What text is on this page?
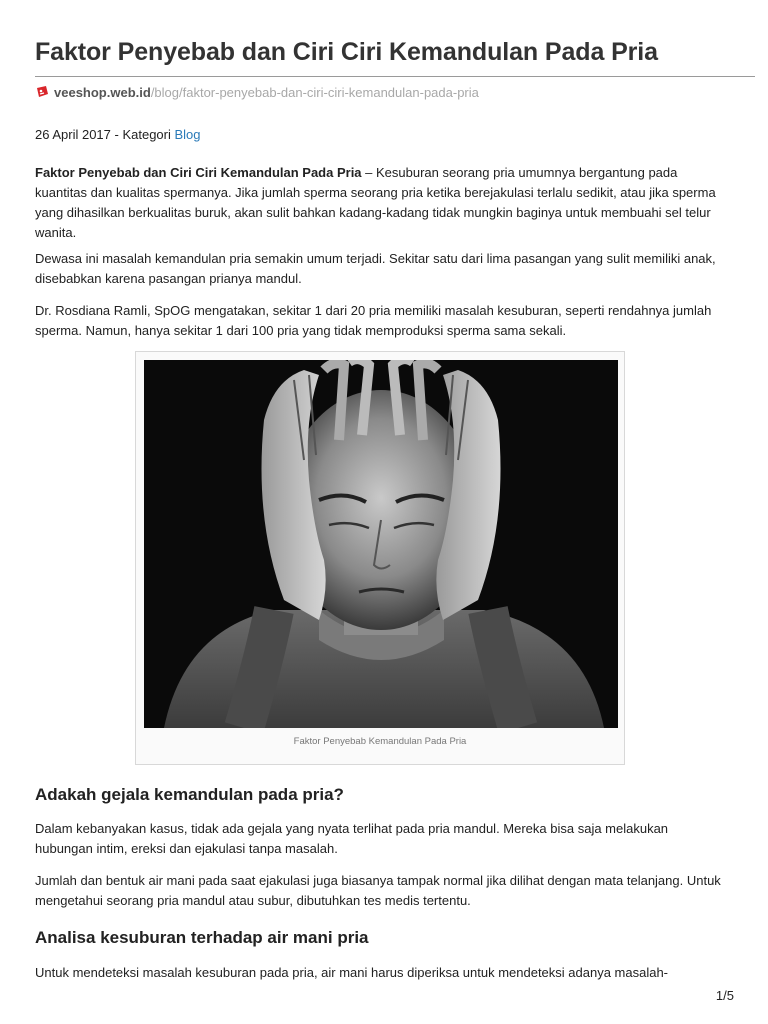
Faktor Penyebab dan Ciri Ciri Kemandulan Pada Pria
veeshop.web.id/blog/faktor-penyebab-dan-ciri-ciri-kemandulan-pada-pria
26 April 2017 - Kategori Blog

Faktor Penyebab dan Ciri Ciri Kemandulan Pada Pria – Kesuburan seorang pria umumnya bergantung pada kuantitas dan kualitas spermanya. Jika jumlah sperma seorang pria ketika berejakulasi terlalu sedikit, atau jika sperma yang dihasilkan berkualitas buruk, akan sulit bahkan kadang-kadang tidak mungkin baginya untuk membuahi sel telur wanita.

Dewasa ini masalah kemandulan pria semakin umum terjadi. Sekitar satu dari lima pasangan yang sulit memiliki anak, disebabkan karena pasangan prianya mandul.

Dr. Rosdiana Ramli, SpOG mengatakan, sekitar 1 dari 20 pria memiliki masalah kesuburan, seperti rendahnya jumlah sperma. Namun, hanya sekitar 1 dari 100 pria yang tidak memproduksi sperma sama sekali.

Faktor Penyebab Kemandulan Pada Pria
Adakah gejala kemandulan pada pria?

Dalam kebanyakan kasus, tidak ada gejala yang nyata terlihat pada pria mandul. Mereka bisa saja melakukan hubungan intim, ereksi dan ejakulasi tanpa masalah.

Jumlah dan bentuk air mani pada saat ejakulasi juga biasanya tampak normal jika dilihat dengan mata telanjang. Untuk mengetahui seorang pria mandul atau subur, dibutuhkan tes medis tertentu.

Analisa kesuburan terhadap air mani pria

Untuk mendeteksi masalah kesuburan pada pria, air mani harus diperiksa untuk mendeteksi adanya masalah-

1/5
